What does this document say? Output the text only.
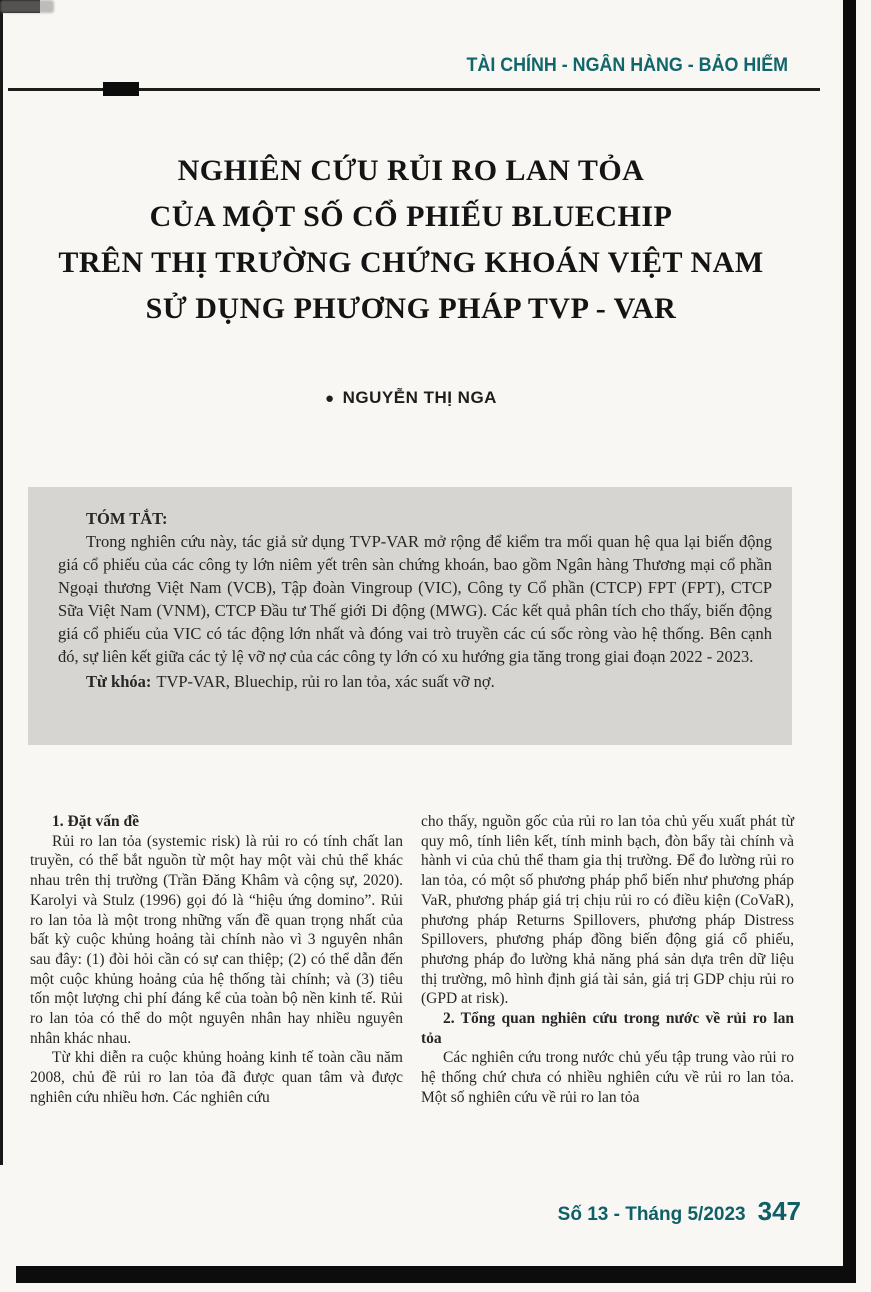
TÀI CHÍNH - NGÂN HÀNG - BẢO HIỂM
NGHIÊN CỨU RỦI RO LAN TỎA
CỦA MỘT SỐ CỔ PHIẾU BLUECHIP
TRÊN THỊ TRƯỜNG CHỨNG KHOÁN VIỆT NAM
SỬ DỤNG PHƯƠNG PHÁP TVP - VAR
● NGUYỄN THỊ NGA

TÓM TẮT:

Trong nghiên cứu này, tác giả sử dụng TVP-VAR mở rộng để kiểm tra mối quan hệ qua lại biến động giá cổ phiếu của các công ty lớn niêm yết trên sàn chứng khoán, bao gồm Ngân hàng Thương mại cổ phần Ngoại thương Việt Nam (VCB), Tập đoàn Vingroup (VIC), Công ty Cổ phần (CTCP) FPT (FPT), CTCP Sữa Việt Nam (VNM), CTCP Đầu tư Thế giới Di động (MWG). Các kết quả phân tích cho thấy, biến động giá cổ phiếu của VIC có tác động lớn nhất và đóng vai trò truyền các cú sốc ròng vào hệ thống. Bên cạnh đó, sự liên kết giữa các tỷ lệ vỡ nợ của các công ty lớn có xu hướng gia tăng trong giai đoạn 2022 - 2023.

Từ khóa: TVP-VAR, Bluechip, rủi ro lan tỏa, xác suất vỡ nợ.

1. Đặt vấn đề

Rủi ro lan tỏa (systemic risk) là rủi ro có tính chất lan truyền, có thể bắt nguồn từ một hay một vài chủ thể khác nhau trên thị trường (Trần Đăng Khâm và cộng sự, 2020). Karolyi và Stulz (1996) gọi đó là “hiệu ứng domino”. Rủi ro lan tỏa là một trong những vấn đề quan trọng nhất của bất kỳ cuộc khủng hoảng tài chính nào vì 3 nguyên nhân sau đây: (1) đòi hỏi cần có sự can thiệp; (2) có thể dẫn đến một cuộc khủng hoảng của hệ thống tài chính; và (3) tiêu tốn một lượng chi phí đáng kể của toàn bộ nền kinh tế. Rủi ro lan tỏa có thể do một nguyên nhân hay nhiều nguyên nhân khác nhau.

Từ khi diễn ra cuộc khủng hoảng kinh tế toàn cầu năm 2008, chủ đề rủi ro lan tỏa đã được quan tâm và được nghiên cứu nhiều hơn. Các nghiên cứu

cho thấy, nguồn gốc của rủi ro lan tỏa chủ yếu xuất phát từ quy mô, tính liên kết, tính minh bạch, đòn bẩy tài chính và hành vi của chủ thể tham gia thị trường. Để đo lường rủi ro lan tỏa, có một số phương pháp phổ biến như phương pháp VaR, phương pháp giá trị chịu rủi ro có điều kiện (CoVaR), phương pháp Returns Spillovers, phương pháp Distress Spillovers, phương pháp đồng biến động giá cổ phiếu, phương pháp đo lường khả năng phá sản dựa trên dữ liệu thị trường, mô hình định giá tài sản, giá trị GDP chịu rủi ro (GPD at risk).

2. Tổng quan nghiên cứu trong nước về rủi ro lan tỏa

Các nghiên cứu trong nước chủ yếu tập trung vào rủi ro hệ thống chứ chưa có nhiều nghiên cứu về rủi ro lan tỏa. Một số nghiên cứu về rủi ro lan tỏa

Số 13 - Tháng 5/2023 347
